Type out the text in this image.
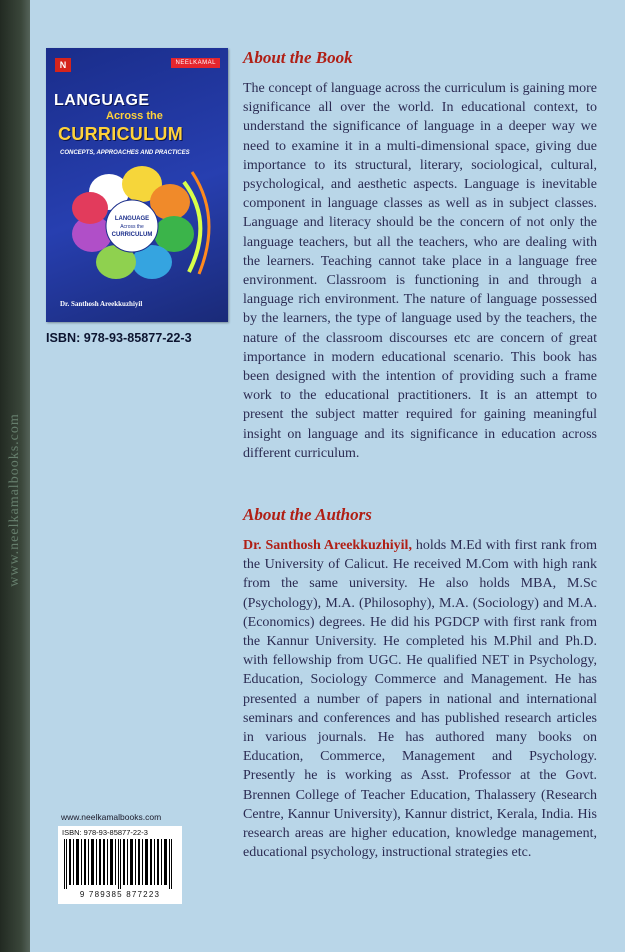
www.neelkamalbooks.com
N	NEELKAMAL
LANGUAGE
Across the
CURRICULUM
CONCEPTS, APPROACHES AND PRACTICES
LANGUAGE
Across the
CURRICULUM
Dr. Santhosh Areekkuzhiyil
ISBN: 978-93-85877-22-3
About the Book

The concept of language across the curriculum is gaining more significance all over the world. In educational context, to understand the significance of language in a deeper way we need to examine it in a multi-dimensional space, giving due importance to its structural, literary, sociological, cultural, psychological, and aesthetic aspects. Language is inevitable component in language classes as well as in subject classes. Language and literacy should be the concern of not only the language teachers, but all the teachers, who are dealing with the learners. Teaching cannot take place in a language free environment. Classroom is functioning in and through a language rich environment. The nature of language possessed by the learners, the type of language used by the teachers, the nature of the classroom discourses etc are concern of great importance in modern educational scenario. This book has been designed with the intention of providing such a frame work to the educational practitioners. It is an attempt to present the subject matter required for gaining meaningful insight on language and its significance in education across different curriculum.

About the Authors

Dr. Santhosh Areekkuzhiyil, holds M.Ed with first rank from the University of Calicut. He received M.Com with high rank from the same university. He also holds MBA, M.Sc (Psychology), M.A. (Philosophy), M.A. (Sociology) and M.A. (Economics) degrees. He did his PGDCP with first rank from the Kannur University. He completed his M.Phil and Ph.D. with fellowship from UGC. He qualified NET in Psychology, Education, Sociology Commerce and Management. He has presented a number of papers in national and international seminars and conferences and has published research articles in various journals. He has authored many books on Education, Commerce, Management and Psychology. Presently he is working as Asst. Professor at the Govt. Brennen College of Teacher Education, Thalassery (Research Centre, Kannur University), Kannur district, Kerala, India. His research areas are higher education, knowledge management, educational psychology, instructional strategies etc.

www.neelkamalbooks.com
ISBN: 978-93-85877-22-3
9 789385 877223
